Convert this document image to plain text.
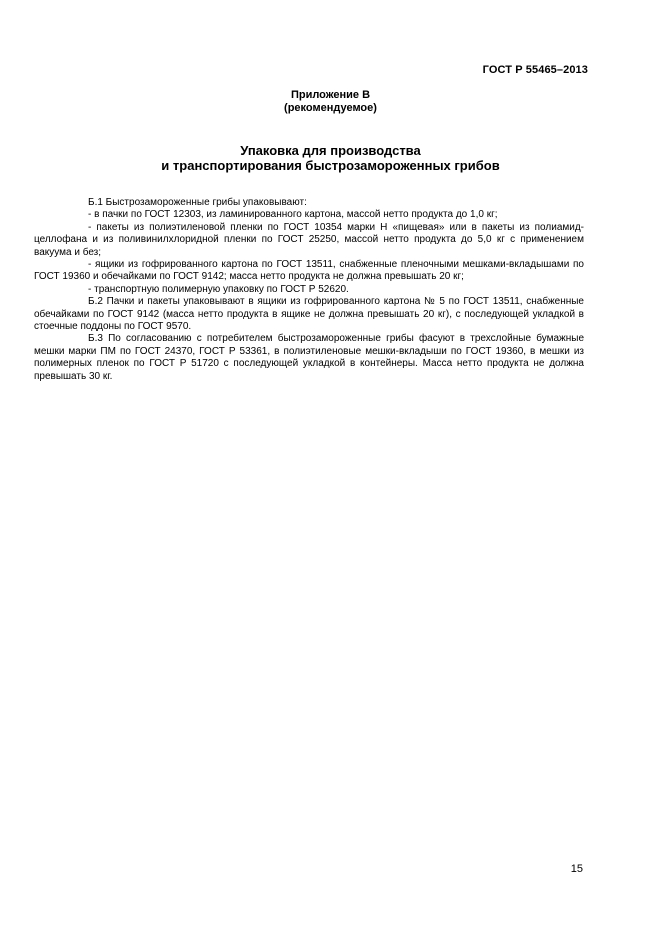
ГОСТ Р 55465–2013
Приложение В
(рекомендуемое)
Упаковка для производства
и транспортирования быстрозамороженных грибов

Б.1 Быстрозамороженные грибы упаковывают:

- в пачки по ГОСТ 12303, из ламинированного картона, массой нетто продукта до 1,0 кг;

- пакеты из полиэтиленовой пленки по ГОСТ 10354 марки Н «пищевая» или в пакеты из полиамид-целлофана и из поливинилхлоридной пленки по ГОСТ 25250, массой нетто продукта до 5,0 кг с применением вакуума и без;

- ящики из гофрированного картона по ГОСТ 13511, снабженные пленочными мешками-вкладышами по ГОСТ 19360 и обечайками по ГОСТ 9142; масса нетто продукта не должна превышать 20 кг;

- транспортную полимерную упаковку по ГОСТ Р 52620.

Б.2 Пачки и пакеты упаковывают в ящики из гофрированного картона № 5 по ГОСТ 13511, снабженные обечайками по ГОСТ 9142 (масса нетто продукта в ящике не должна превышать 20 кг), с последующей укладкой в стоечные поддоны по ГОСТ 9570.

Б.3 По согласованию с потребителем быстрозамороженные грибы фасуют в трехслойные бумажные мешки марки ПМ по ГОСТ 24370, ГОСТ Р 53361, в полиэтиленовые мешки-вкладыши по ГОСТ 19360, в мешки из полимерных пленок по ГОСТ Р 51720 с последующей укладкой в контейнеры. Масса нетто продукта не должна превышать 30 кг.

15
